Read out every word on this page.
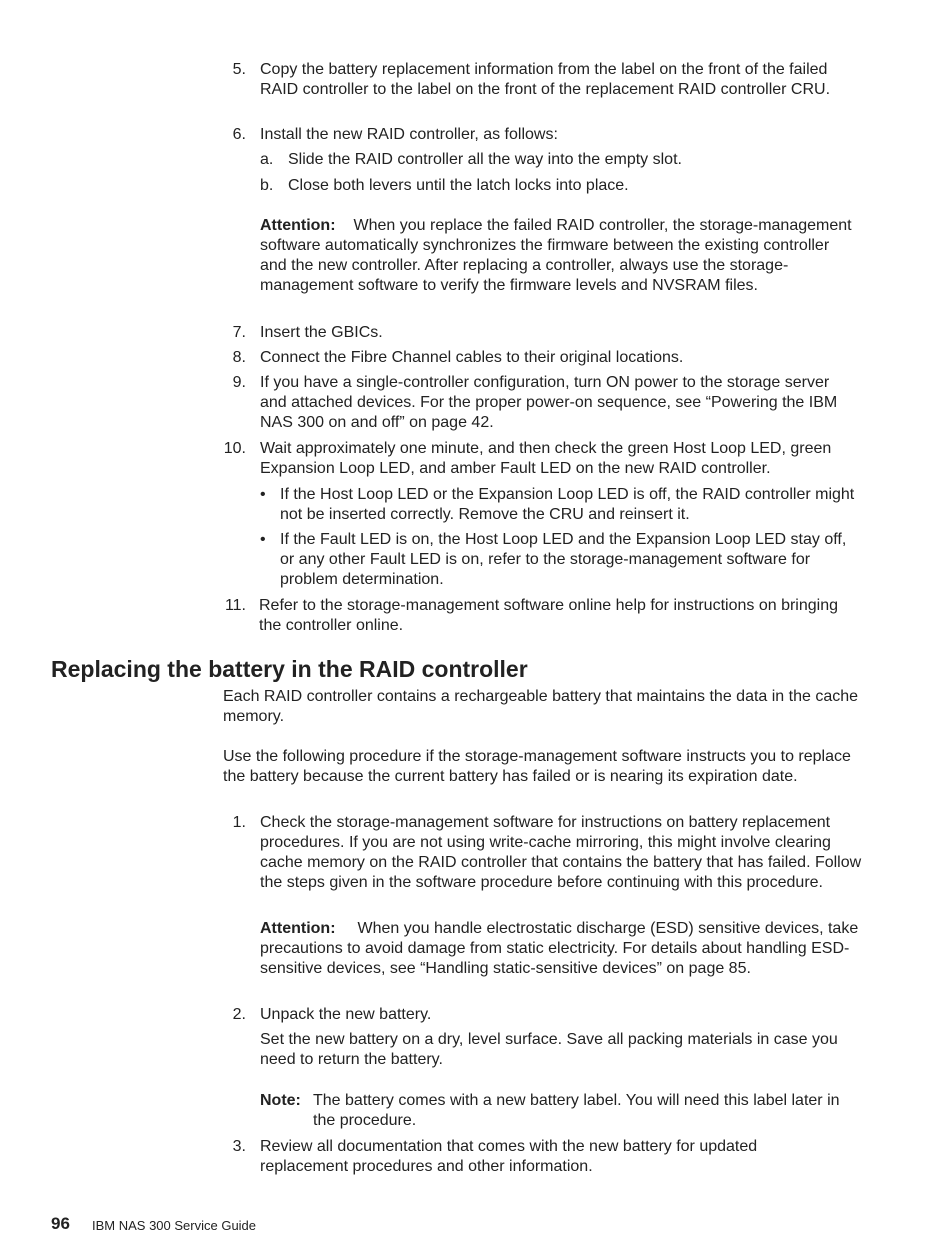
5. Copy the battery replacement information from the label on the front of the failed RAID controller to the label on the front of the replacement RAID controller CRU.
6. Install the new RAID controller, as follows:
a. Slide the RAID controller all the way into the empty slot.
b. Close both levers until the latch locks into place.
Attention: When you replace the failed RAID controller, the storage-management software automatically synchronizes the firmware between the existing controller and the new controller. After replacing a controller, always use the storage-management software to verify the firmware levels and NVSRAM files.
7. Insert the GBICs.
8. Connect the Fibre Channel cables to their original locations.
9. If you have a single-controller configuration, turn ON power to the storage server and attached devices. For the proper power-on sequence, see “Powering the IBM NAS 300 on and off” on page 42.
10. Wait approximately one minute, and then check the green Host Loop LED, green Expansion Loop LED, and amber Fault LED on the new RAID controller.
• If the Host Loop LED or the Expansion Loop LED is off, the RAID controller might not be inserted correctly. Remove the CRU and reinsert it.
• If the Fault LED is on, the Host Loop LED and the Expansion Loop LED stay off, or any other Fault LED is on, refer to the storage-management software for problem determination.
11. Refer to the storage-management software online help for instructions on bringing the controller online.
Replacing the battery in the RAID controller
Each RAID controller contains a rechargeable battery that maintains the data in the cache memory.
Use the following procedure if the storage-management software instructs you to replace the battery because the current battery has failed or is nearing its expiration date.
1. Check the storage-management software for instructions on battery replacement procedures. If you are not using write-cache mirroring, this might involve clearing cache memory on the RAID controller that contains the battery that has failed. Follow the steps given in the software procedure before continuing with this procedure.
Attention: When you handle electrostatic discharge (ESD) sensitive devices, take precautions to avoid damage from static electricity. For details about handling ESD-sensitive devices, see “Handling static-sensitive devices” on page 85.
2. Unpack the new battery.
Set the new battery on a dry, level surface. Save all packing materials in case you need to return the battery.
Note: The battery comes with a new battery label. You will need this label later in the procedure.
3. Review all documentation that comes with the new battery for updated replacement procedures and other information.
96 IBM NAS 300 Service Guide
